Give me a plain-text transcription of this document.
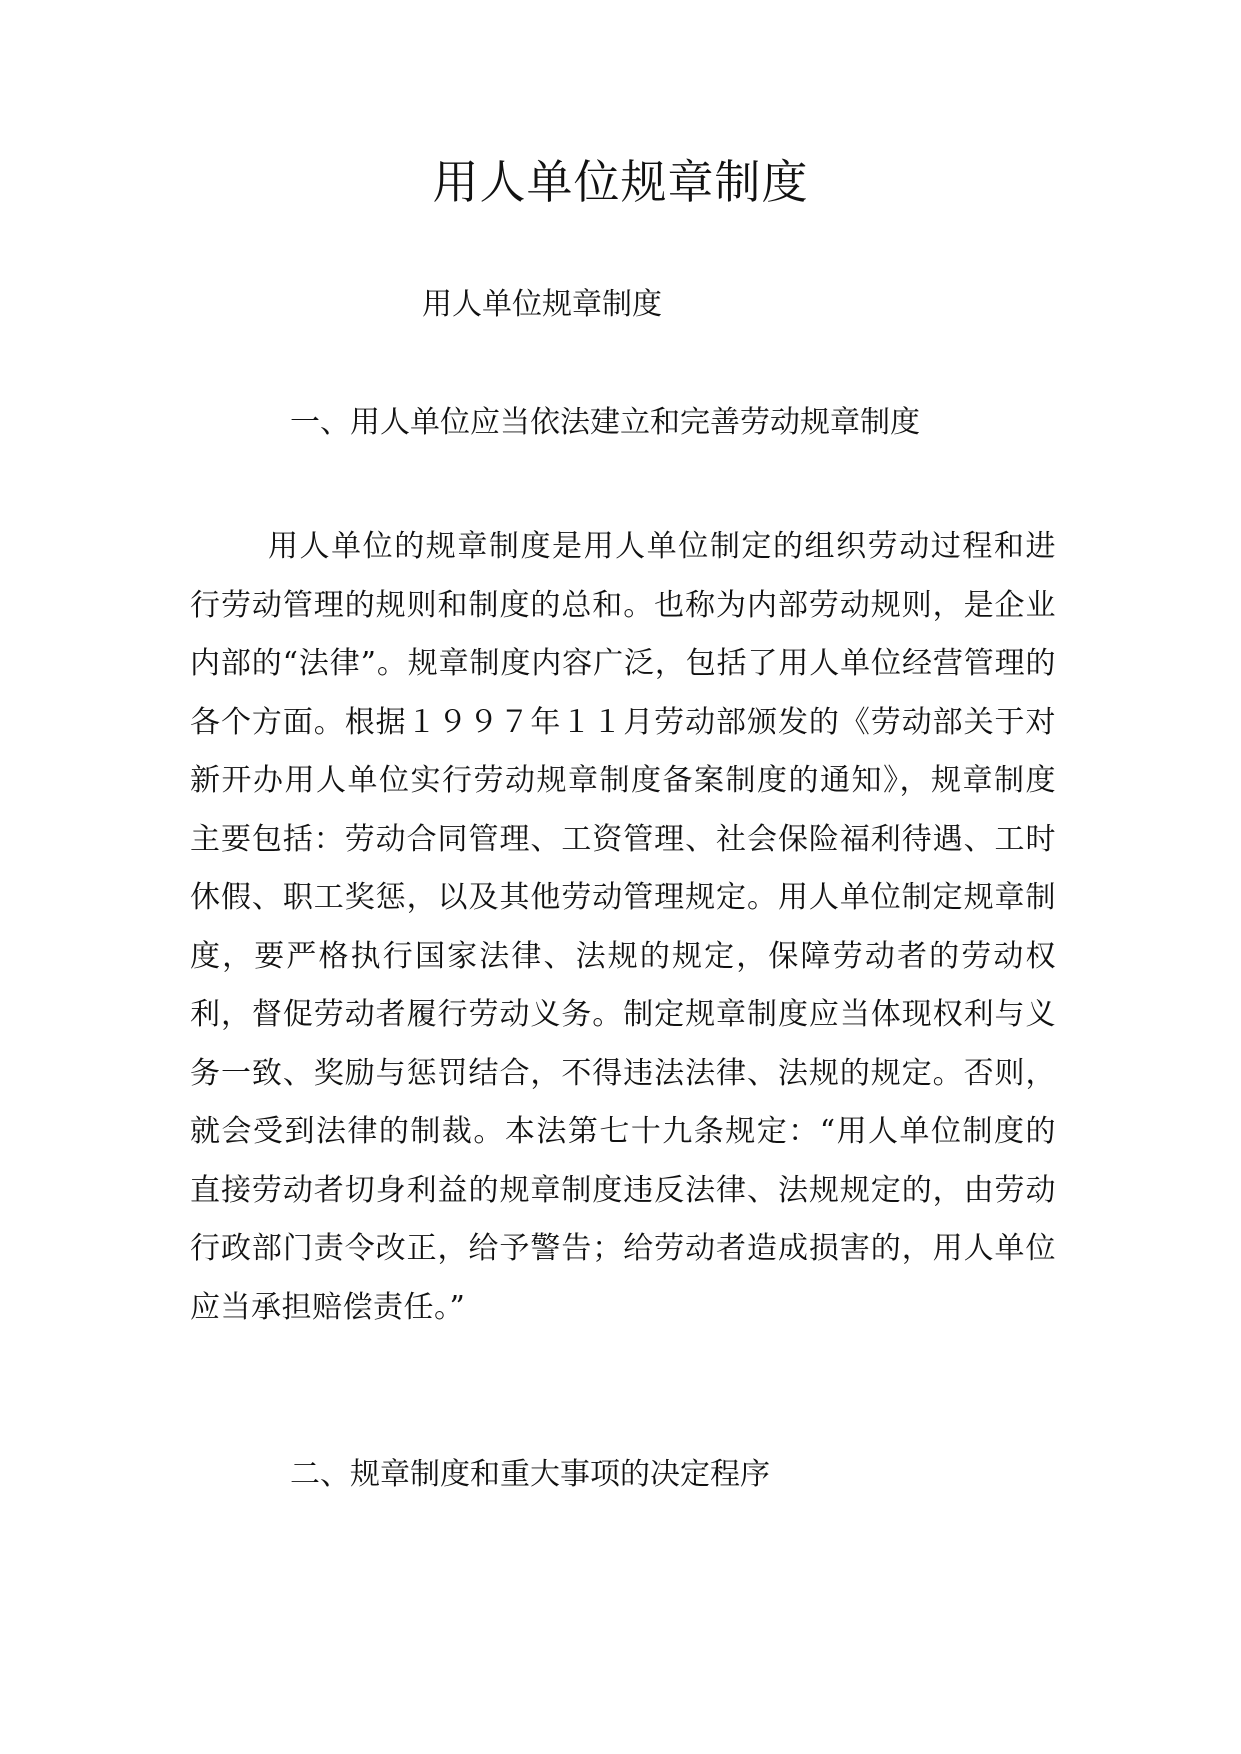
用人单位规章制度
用人单位规章制度
一、用人单位应当依法建立和完善劳动规章制度

用人单位的规章制度是用人单位制定的组织劳动过程和进行劳动管理的规则和制度的总和。也称为内部劳动规则，是企业内部的“法律”。规章制度内容广泛，包括了用人单位经营管理的各个方面。根据１９９７年１１月劳动部颁发的《劳动部关于对新开办用人单位实行劳动规章制度备案制度的通知》，规章制度主要包括：劳动合同管理、工资管理、社会保险福利待遇、工时休假、职工奖惩，以及其他劳动管理规定。用人单位制定规章制度，要严格执行国家法律、法规的规定，保障劳动者的劳动权利，督促劳动者履行劳动义务。制定规章制度应当体现权利与义务一致、奖励与惩罚结合，不得违法法律、法规的规定。否则，就会受到法律的制裁。本法第七十九条规定：“用人单位制度的直接劳动者切身利益的规章制度违反法律、法规规定的，由劳动行政部门责令改正，给予警告；给劳动者造成损害的，用人单位应当承担赔偿责任。”

二、规章制度和重大事项的决定程序
